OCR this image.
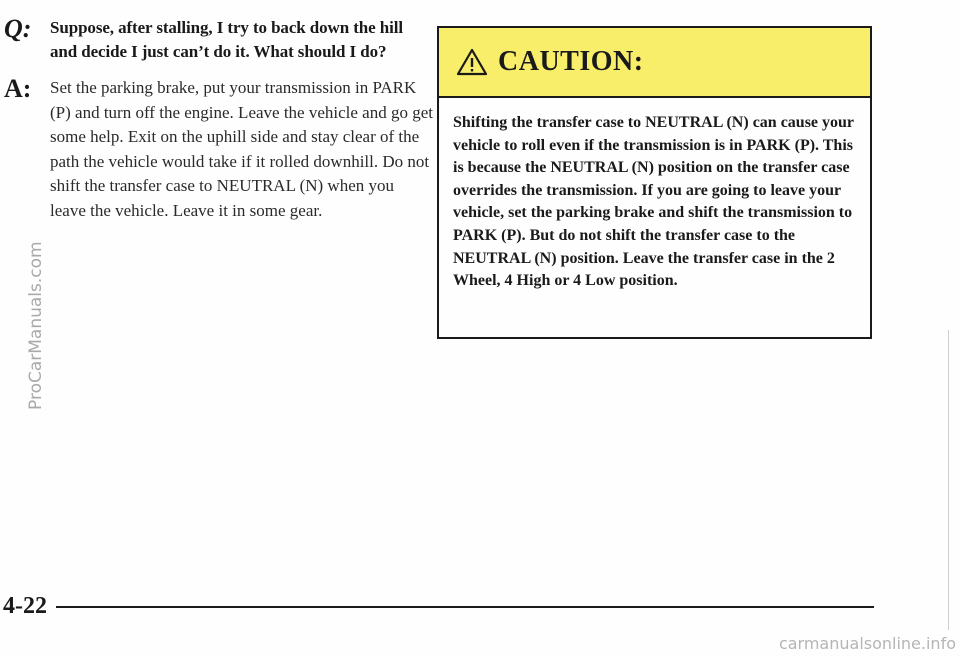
Q: Suppose, after stalling, I try to back down the hill and decide I just can’t do it. What should I do?
A: Set the parking brake, put your transmission in PARK (P) and turn off the engine. Leave the vehicle and go get some help. Exit on the uphill side and stay clear of the path the vehicle would take if it rolled downhill. Do not shift the transfer case to NEUTRAL (N) when you leave the vehicle. Leave it in some gear.
CAUTION:
Shifting the transfer case to NEUTRAL (N) can cause your vehicle to roll even if the transmission is in PARK (P). This is because the NEUTRAL (N) position on the transfer case overrides the transmission. If you are going to leave your vehicle, set the parking brake and shift the transmission to PARK (P). But do not shift the transfer case to the NEUTRAL (N) position. Leave the transfer case in the 2 Wheel, 4 High or 4 Low position.
4-22
ProCarManuals.com
carmanualsonline.info
